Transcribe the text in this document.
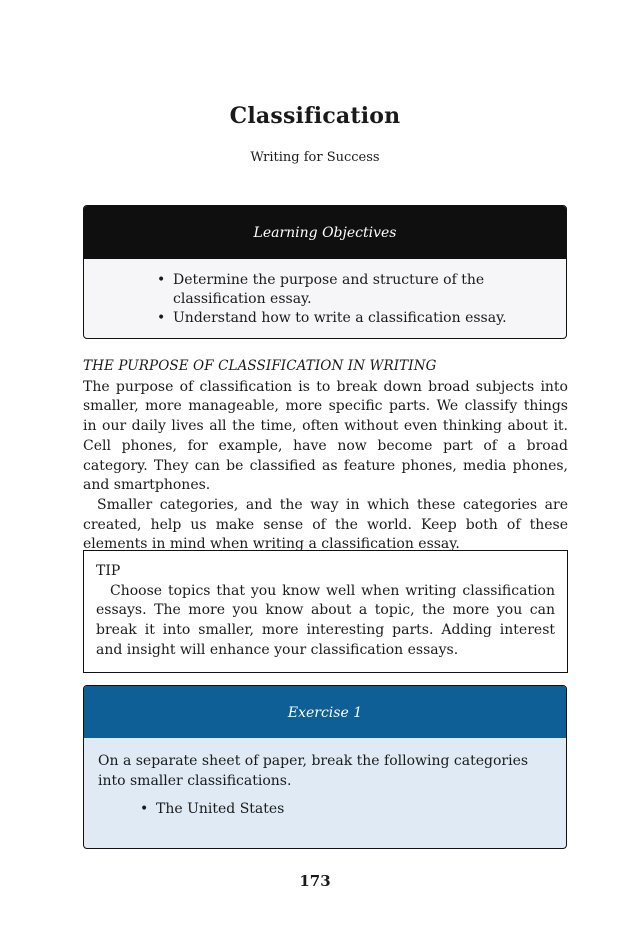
Classification
Writing for Success
Learning Objectives
• Determine the purpose and structure of the classification essay.
• Understand how to write a classification essay.
THE PURPOSE OF CLASSIFICATION IN WRITING

The purpose of classification is to break down broad subjects into smaller, more manageable, more specific parts. We classify things in our daily lives all the time, often without even thinking about it. Cell phones, for example, have now become part of a broad category. They can be classified as feature phones, media phones, and smartphones.

Smaller categories, and the way in which these categories are created, help us make sense of the world. Keep both of these elements in mind when writing a classification essay.

TIP

Choose topics that you know well when writing classification essays. The more you know about a topic, the more you can break it into smaller, more interesting parts. Adding interest and insight will enhance your classification essays.

Exercise 1

On a separate sheet of paper, break the following categories into smaller classifications.

• The United States
173
